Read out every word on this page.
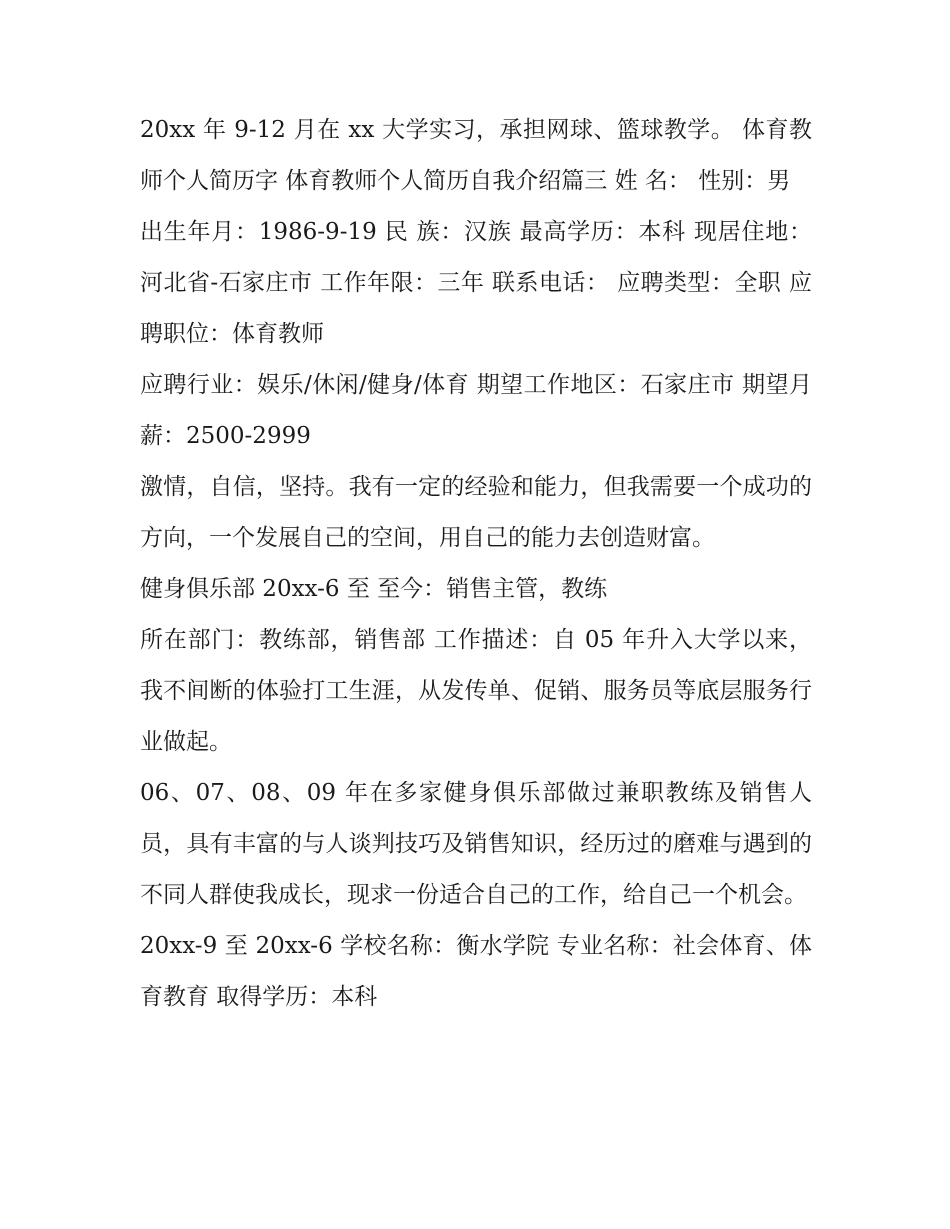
20xx 年 9-12 月在 xx 大学实习，承担网球、篮球教学。 体育教师个人简历字 体育教师个人简历自我介绍篇三 姓 名： 性别：男

出生年月：1986-9-19 民 族：汉族 最高学历：本科 现居住地：河北省-石家庄市 工作年限：三年 联系电话： 应聘类型：全职 应聘职位：体育教师

应聘行业：娱乐/休闲/健身/体育 期望工作地区：石家庄市 期望月薪：2500-2999

激情，自信，坚持。我有一定的经验和能力，但我需要一个成功的方向，一个发展自己的空间，用自己的能力去创造财富。

健身俱乐部 20xx-6 至 至今：销售主管，教练

所在部门：教练部，销售部 工作描述：自 05 年升入大学以来，我不间断的体验打工生涯，从发传单、促销、服务员等底层服务行业做起。

06、07、08、09 年在多家健身俱乐部做过兼职教练及销售人员，具有丰富的与人谈判技巧及销售知识，经历过的磨难与遇到的不同人群使我成长，现求一份适合自己的工作，给自己一个机会。

20xx-9 至 20xx-6 学校名称：衡水学院 专业名称：社会体育、体育教育 取得学历：本科
